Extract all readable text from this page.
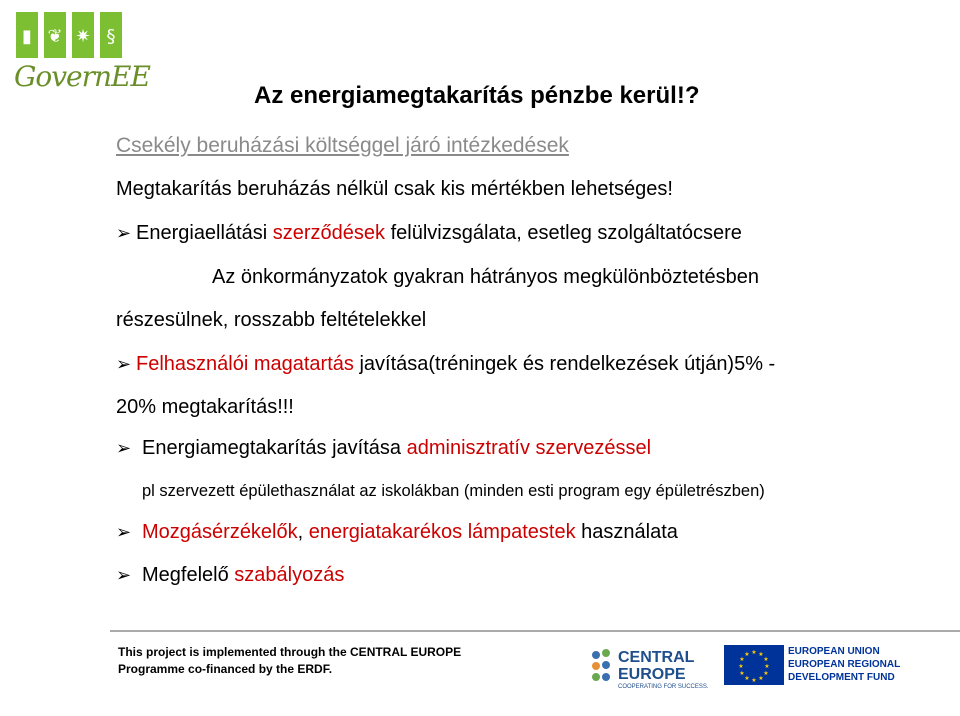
▮ ❦ ✷ §
GovernEE
Az energiamegtakarítás pénzbe kerül!?
Csekély beruházási költséggel járó intézkedések
Megtakarítás beruházás nélkül csak kis mértékben lehetséges!
➢ Energiaellátási szerződések felülvizsgálata, esetleg szolgáltatócsere
Az önkormányzatok gyakran hátrányos megkülönböztetésben
részesülnek, rosszabb feltételekkel
➢ Felhasználói magatartás javítása(tréningek és rendelkezések útján)5% -
20% megtakarítás!!!
➢ Energiamegtakarítás javítása adminisztratív szervezéssel
pl szervezett épülethasználat az iskolákban (minden esti program egy épületrészben)
➢ Mozgásérzékelők, energiatakarékos lámpatestek használata
➢ Megfelelő szabályozás
This project is implemented through the CENTRAL EUROPE
Programme co-financed by the ERDF.
CENTRAL
EUROPE
COOPERATING FOR SUCCESS.
★ ★
★
★
★
★
★
★
★
★
★
★	EUROPEAN UNION
EUROPEAN REGIONAL
DEVELOPMENT FUND
